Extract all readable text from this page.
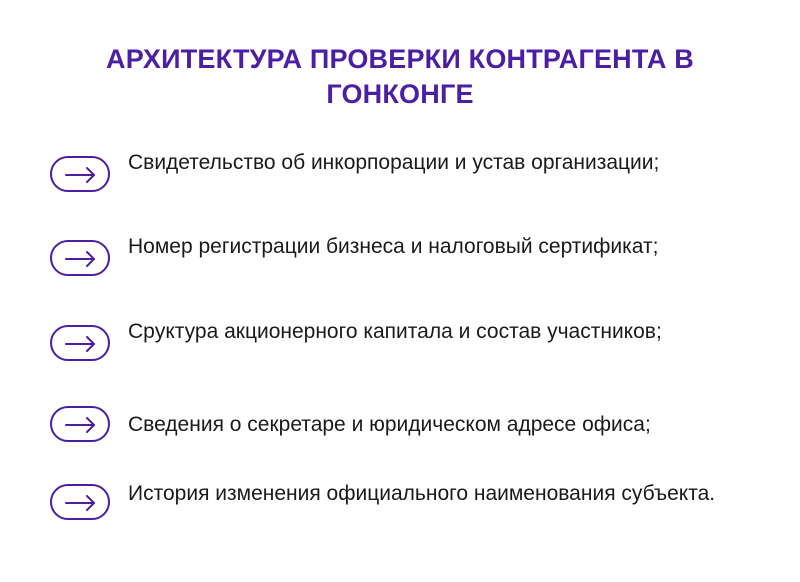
АРХИТЕКТУРА ПРОВЕРКИ КОНТРАГЕНТА В ГОНКОНГЕ
Свидетельство об инкорпорации и устав организации;
Номер регистрации бизнеса и налоговый сертификат;
Срyктура акционерного капитала и состав участников;
Сведения о секретаре и юридическом адресе офиса;
История изменения официального наименования субъекта.
